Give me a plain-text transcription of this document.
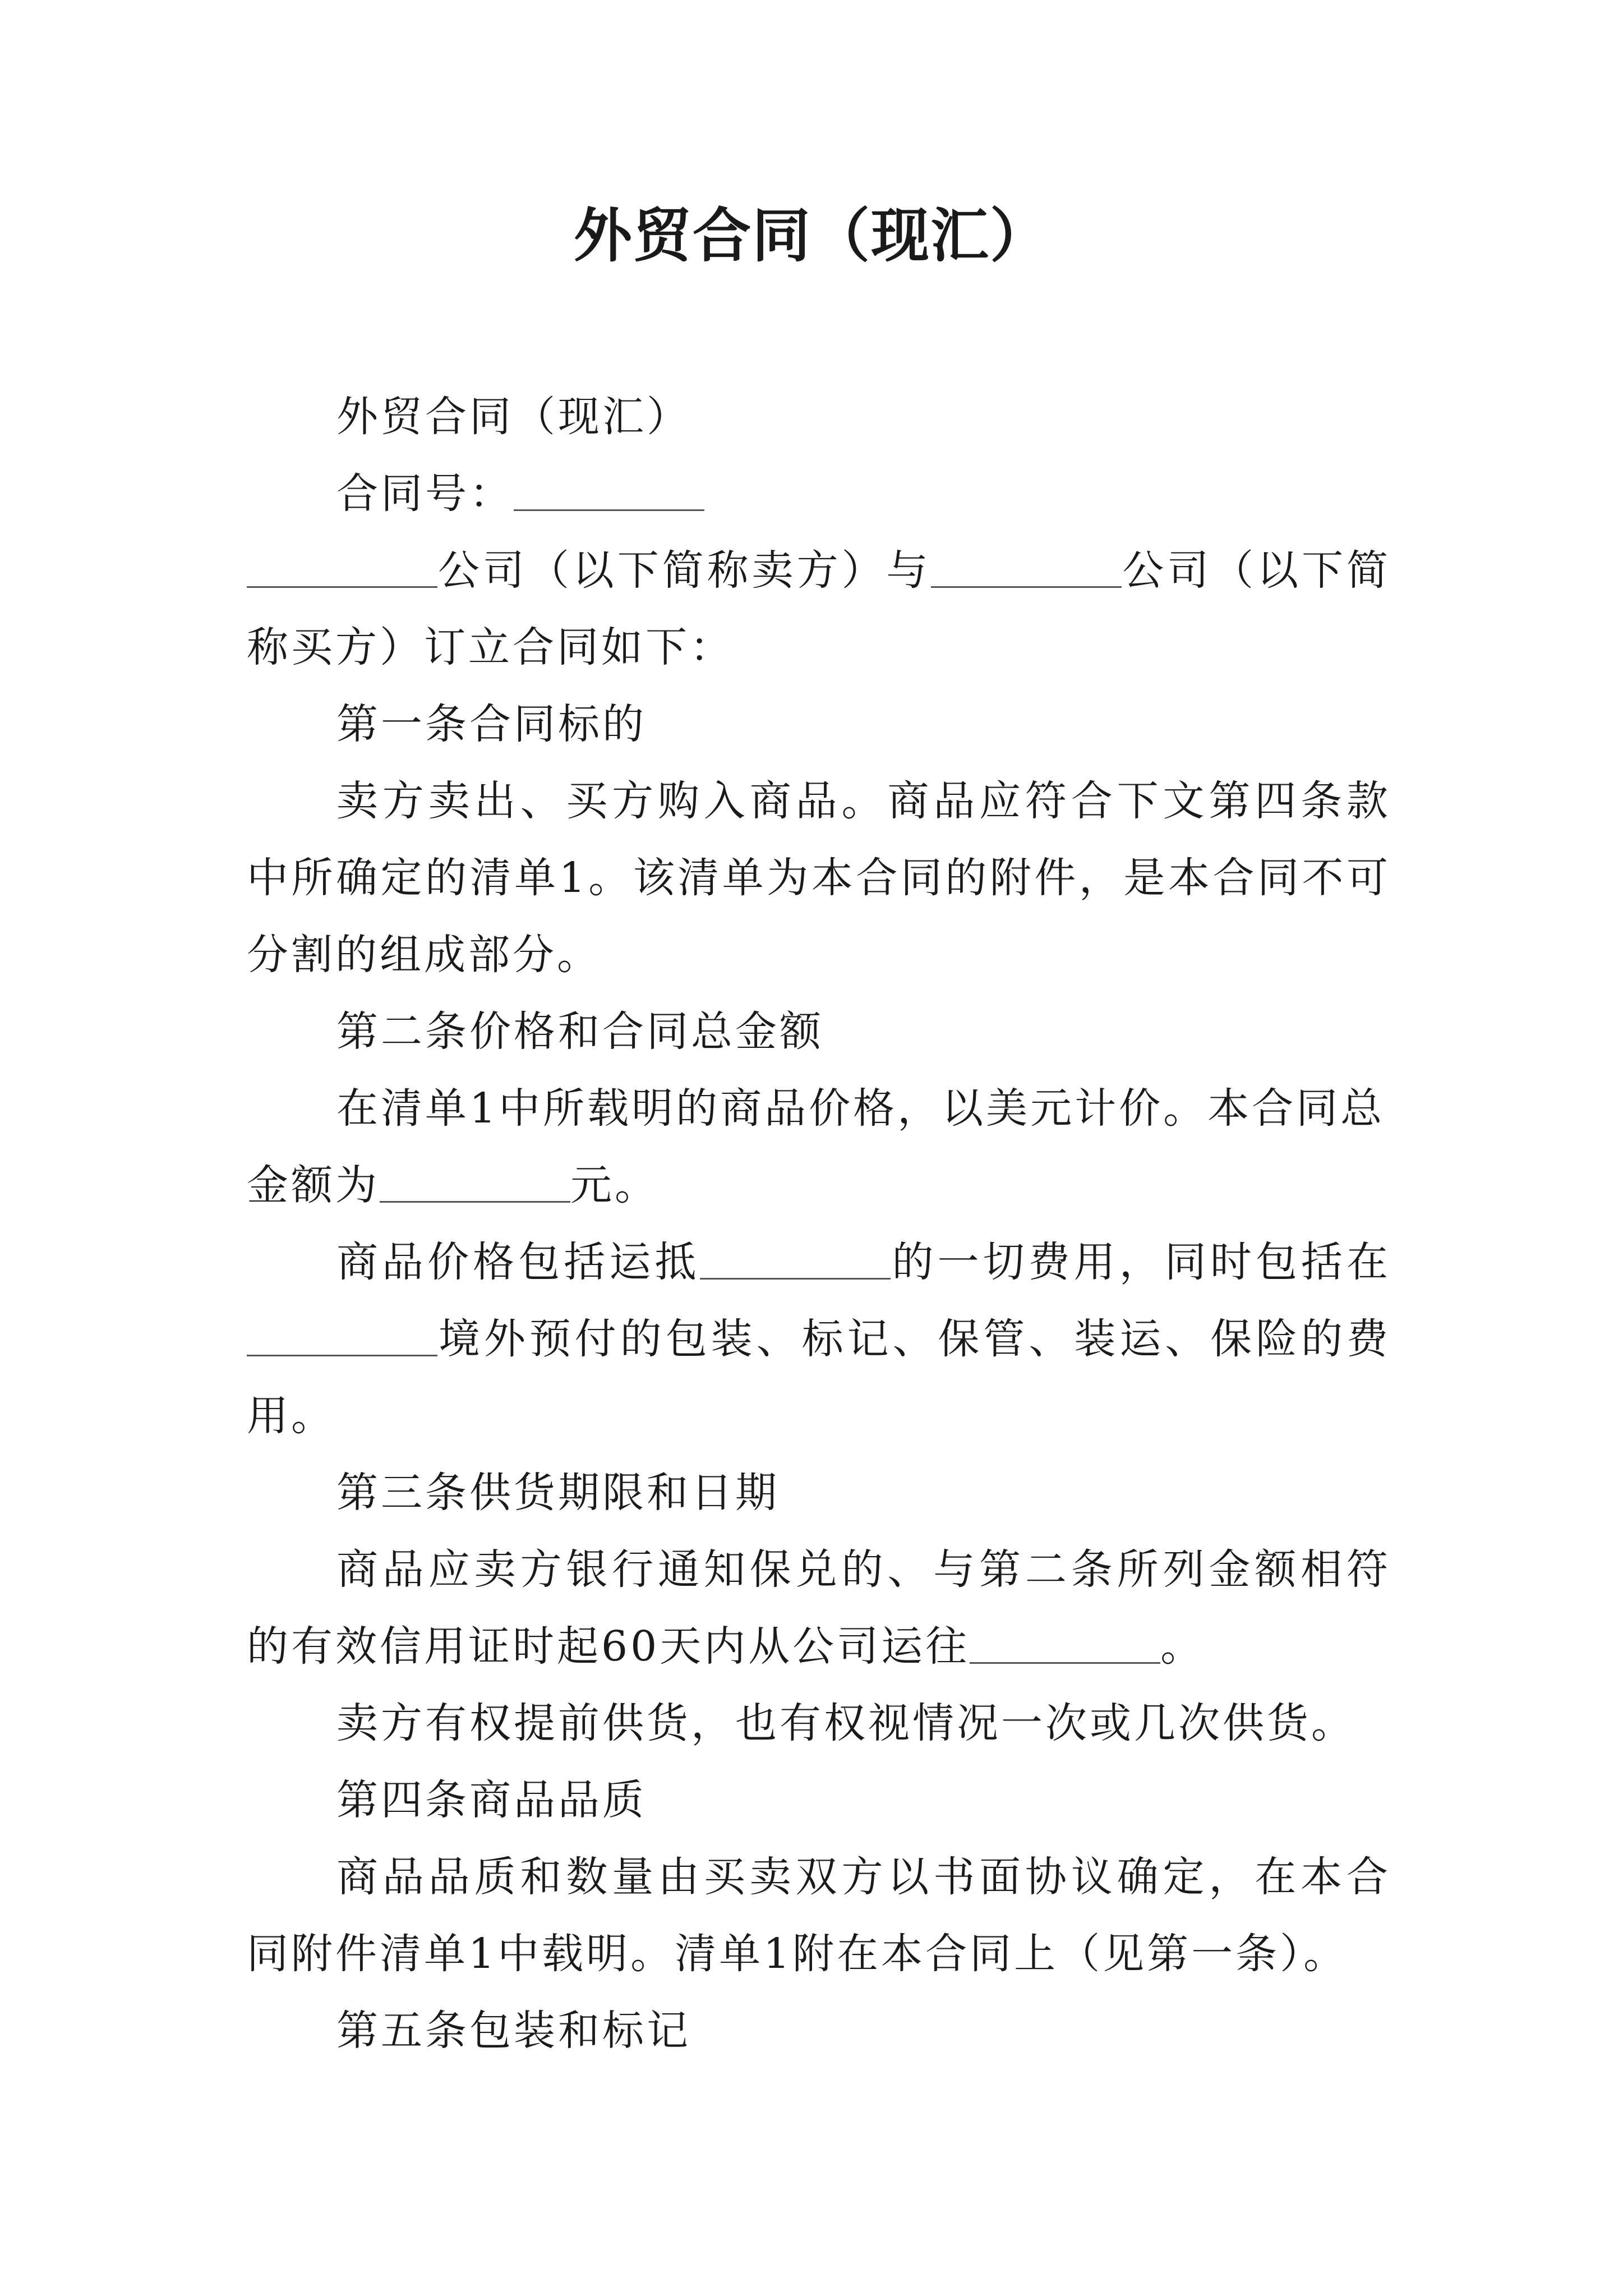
外贸合同（现汇）

外贸合同（现汇）

合同号：

公司（以下简称卖方）与	公司（以下简称买方）订立合同如下：

第一条合同标的

卖方卖出、买方购入商品。商品应符合下文第四条款中所确定的清单1。该清单为本合同的附件，是本合同不可分割的组成部分。

第二条价格和合同总金额

在清单1中所载明的商品价格，以美元计价。本合同总

金额为	元。

商品价格包括运抵	的一切费用，同时包括在境外预付的包装、标记、保管、装运、保险的费用。

第三条供货期限和日期

商品应卖方银行通知保兑的、与第二条所列金额相符的有效信用证时起60天内从公司运往	。

卖方有权提前供货，也有权视情况一次或几次供货。

第四条商品品质

商品品质和数量由买卖双方以书面协议确定，在本合同附件清单1中载明。清单1附在本合同上（见第一条）。

第五条包装和标记
